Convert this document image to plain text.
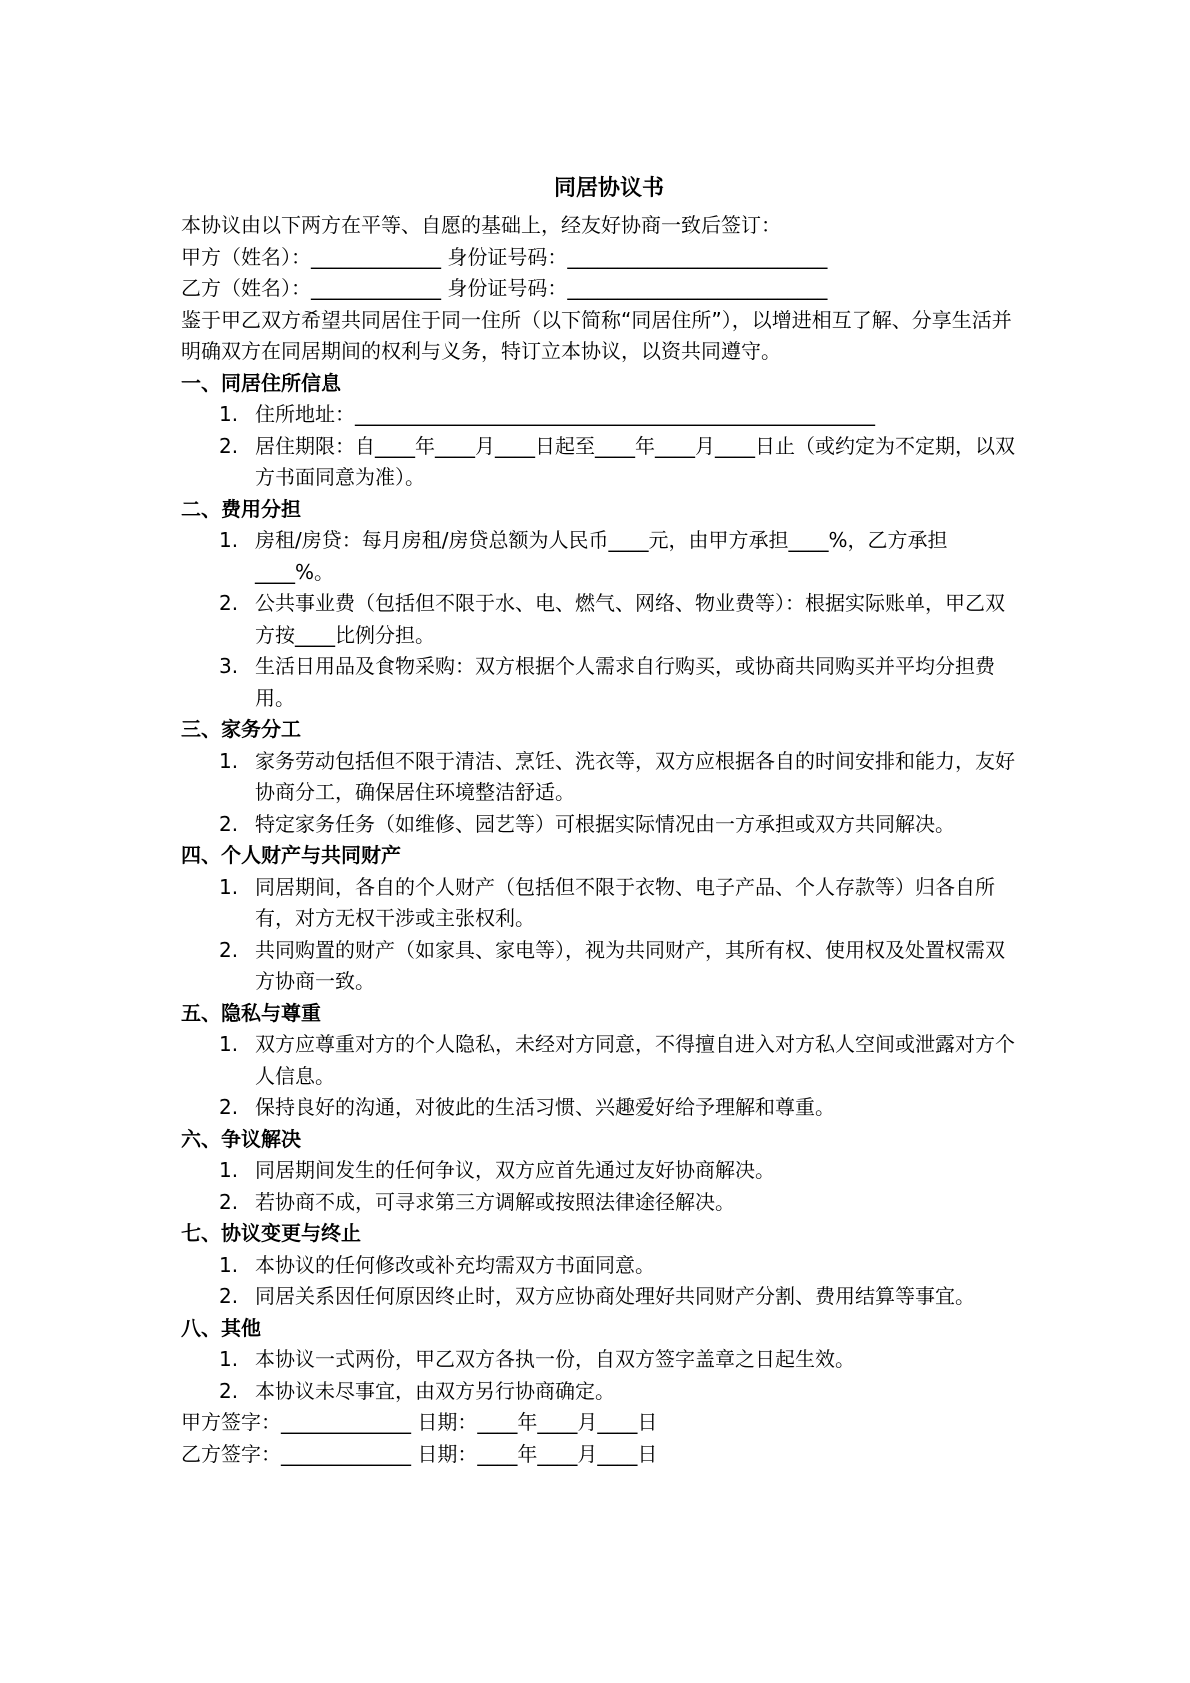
同居协议书
本协议由以下两方在平等、自愿的基础上，经友好协商一致后签订：
甲方（姓名）：_____________ 身份证号码：__________________________
乙方（姓名）：_____________ 身份证号码：__________________________
鉴于甲乙双方希望共同居住于同一住所（以下简称“同居住所”），以增进相互了解、分享生活并明确双方在同居期间的权利与义务，特订立本协议，以资共同遵守。
一、同居住所信息
1. 住所地址：____________________________________________________
2. 居住期限：自____年____月____日起至____年____月____日止（或约定为不定期，以双方书面同意为准）。
二、费用分担
1. 房租/房贷：每月房租/房贷总额为人民币____元，由甲方承担____%，乙方承担____%。
2. 公共事业费（包括但不限于水、电、燃气、网络、物业费等）：根据实际账单，甲乙双方按____比例分担。
3. 生活日用品及食物采购：双方根据个人需求自行购买，或协商共同购买并平均分担费用。
三、家务分工
1. 家务劳动包括但不限于清洁、烹饪、洗衣等，双方应根据各自的时间安排和能力，友好协商分工，确保居住环境整洁舒适。
2. 特定家务任务（如维修、园艺等）可根据实际情况由一方承担或双方共同解决。
四、个人财产与共同财产
1. 同居期间，各自的个人财产（包括但不限于衣物、电子产品、个人存款等）归各自所有，对方无权干涉或主张权利。
2. 共同购置的财产（如家具、家电等），视为共同财产，其所有权、使用权及处置权需双方协商一致。
五、隐私与尊重
1. 双方应尊重对方的个人隐私，未经对方同意，不得擅自进入对方私人空间或泄露对方个人信息。
2. 保持良好的沟通，对彼此的生活习惯、兴趣爱好给予理解和尊重。
六、争议解决
1. 同居期间发生的任何争议，双方应首先通过友好协商解决。
2. 若协商不成，可寻求第三方调解或按照法律途径解决。
七、协议变更与终止
1. 本协议的任何修改或补充均需双方书面同意。
2. 同居关系因任何原因终止时，双方应协商处理好共同财产分割、费用结算等事宜。
八、其他
1. 本协议一式两份，甲乙双方各执一份，自双方签字盖章之日起生效。
2. 本协议未尽事宜，由双方另行协商确定。
甲方签字：_____________ 日期：____年____月____日
乙方签字：_____________ 日期：____年____月____日
